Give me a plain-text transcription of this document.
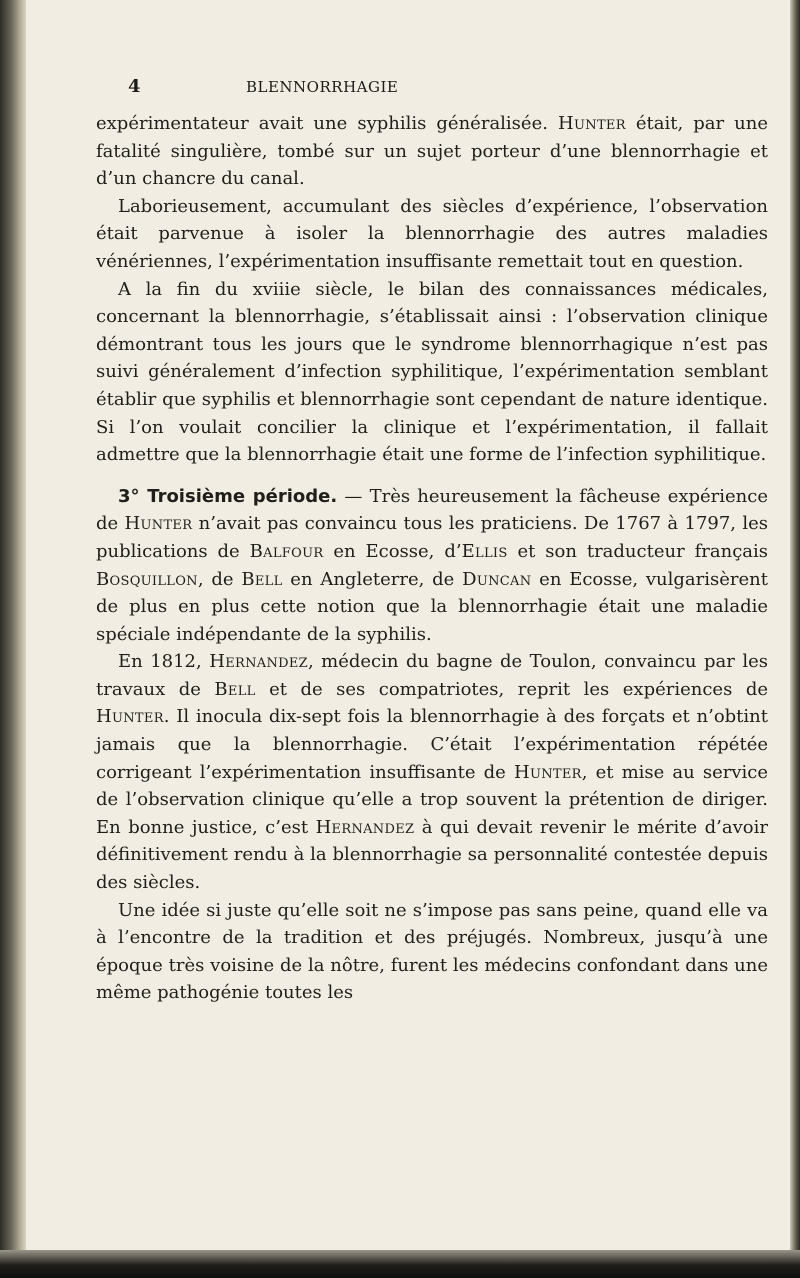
4	BLENNORRHAGIE

expérimentateur avait une syphilis généralisée. Hunter était, par une fatalité singulière, tombé sur un sujet porteur d’une blennorrhagie et d’un chancre du canal.

Laborieusement, accumulant des siècles d’expérience, l’observation était parvenue à isoler la blennorrhagie des autres maladies vénériennes, l’expérimentation insuffisante remettait tout en question.

A la fin du xviiie siècle, le bilan des connaissances médicales, concernant la blennorrhagie, s’établissait ainsi : l’observation clinique démontrant tous les jours que le syndrome blennorrhagique n’est pas suivi généralement d’infection syphilitique, l’expérimentation semblant établir que syphilis et blennorrhagie sont cependant de nature identique. Si l’on voulait concilier la clinique et l’expérimentation, il fallait admettre que la blennorrhagie était une forme de l’infection syphilitique.

3° Troisième période. — Très heureusement la fâcheuse expérience de Hunter n’avait pas convaincu tous les praticiens. De 1767 à 1797, les publications de Balfour en Ecosse, d’Ellis et son traducteur français Bosquillon, de Bell en Angleterre, de Duncan en Ecosse, vulgarisèrent de plus en plus cette notion que la blennorrhagie était une maladie spéciale indépendante de la syphilis.

En 1812, Hernandez, médecin du bagne de Toulon, convaincu par les travaux de Bell et de ses compatriotes, reprit les expériences de Hunter. Il inocula dix-sept fois la blennorrhagie à des forçats et n’obtint jamais que la blennorrhagie. C’était l’expérimentation répétée corrigeant l’expérimentation insuffisante de Hunter, et mise au service de l’observation clinique qu’elle a trop souvent la prétention de diriger. En bonne justice, c’est Hernandez à qui devait revenir le mérite d’avoir définitivement rendu à la blennorrhagie sa personnalité contestée depuis des siècles.

Une idée si juste qu’elle soit ne s’impose pas sans peine, quand elle va à l’encontre de la tradition et des préjugés. Nombreux, jusqu’à une époque très voisine de la nôtre, furent les médecins confondant dans une même pathogénie toutes les
